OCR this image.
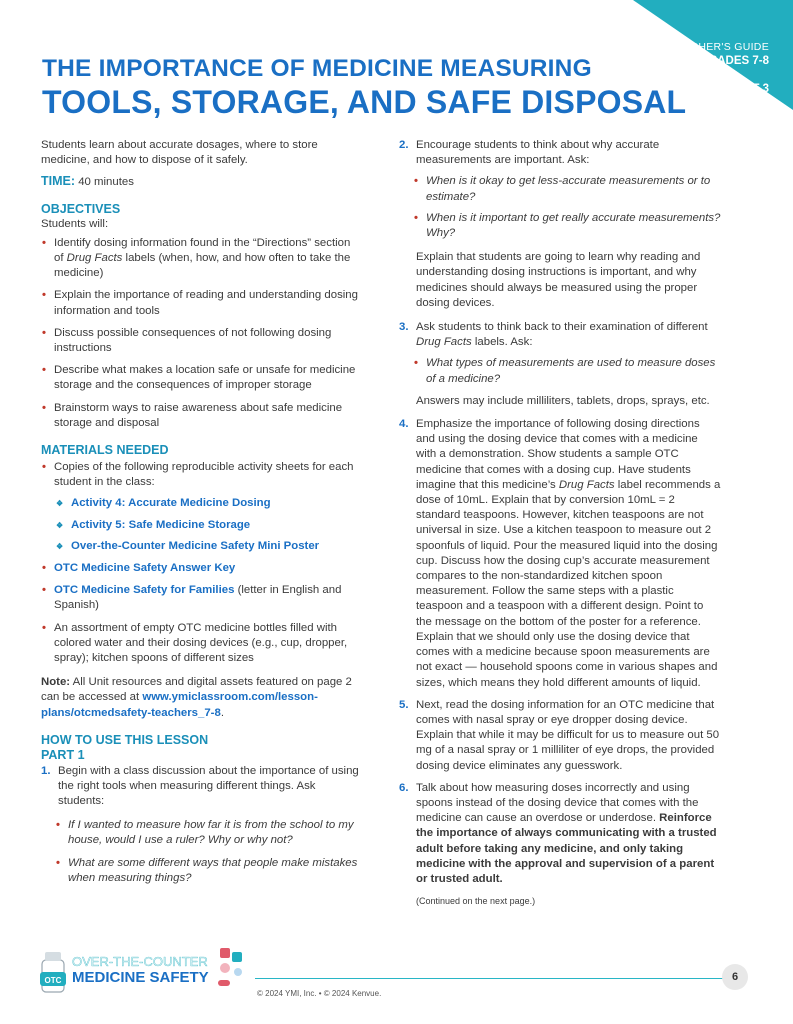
TEACHER'S GUIDE
GRADES 7-8
UNIT 3
THE IMPORTANCE OF MEDICINE MEASURING
TOOLS, STORAGE, AND SAFE DISPOSAL

Students learn about accurate dosages, where to store medicine, and how to dispose of it safely.

TIME: 40 minutes

OBJECTIVES

Students will:

• Identify dosing information found in the “Directions” section of Drug Facts labels (when, how, and how often to take the medicine)
• Explain the importance of reading and understanding dosing information and tools
• Discuss possible consequences of not following dosing instructions
• Describe what makes a location safe or unsafe for medicine storage and the consequences of improper storage
• Brainstorm ways to raise awareness about safe medicine storage and disposal

MATERIALS NEEDED

• Copies of the following reproducible activity sheets for each student in the class:
❖ Activity 4: Accurate Medicine Dosing
❖ Activity 5: Safe Medicine Storage
❖ Over-the-Counter Medicine Safety Mini Poster
• OTC Medicine Safety Answer Key
• OTC Medicine Safety for Families (letter in English and Spanish)
• An assortment of empty OTC medicine bottles filled with colored water and their dosing devices (e.g., cup, dropper, spray); kitchen spoons of different sizes

Note: All Unit resources and digital assets featured on page 2 can be accessed at www.ymiclassroom.com/lesson-plans/otcmedsafety-teachers_7-8.

HOW TO USE THIS LESSON

PART 1

1. Begin with a class discussion about the importance of using the right tools when measuring different things. Ask students:
• If I wanted to measure how far it is from the school to my house, would I use a ruler? Why or why not?
• What are some different ways that people make mistakes when measuring things?
2. Encourage students to think about why accurate measurements are important. Ask:
• When is it okay to get less-accurate measurements or to estimate?
• When is it important to get really accurate measurements? Why?

Explain that students are going to learn why reading and understanding dosing instructions is important, and why medicines should always be measured using the proper dosing devices.

3. Ask students to think back to their examination of different Drug Facts labels. Ask:
• What types of measurements are used to measure doses of a medicine?

Answers may include milliliters, tablets, drops, sprays, etc.

4. Emphasize the importance of following dosing directions and using the dosing device that comes with a medicine with a demonstration. Show students a sample OTC medicine that comes with a dosing cup. Have students imagine that this medicine’s Drug Facts label recommends a dose of 10mL. Explain that by conversion 10mL = 2 standard teaspoons. However, kitchen teaspoons are not universal in size. Use a kitchen teaspoon to measure out 2 spoonfuls of liquid. Pour the measured liquid into the dosing cup. Discuss how the dosing cup’s accurate measurement compares to the non-standardized kitchen spoon measurement. Follow the same steps with a plastic teaspoon and a teaspoon with a different design. Point to the message on the bottom of the poster for a reference. Explain that we should only use the dosing device that comes with a medicine because spoon measurements are not exact — household spoons come in various shapes and sizes, which means they hold different amounts of liquid.
5. Next, read the dosing information for an OTC medicine that comes with nasal spray or eye dropper dosing device. Explain that while it may be difficult for us to measure out 50 mg of a nasal spray or 1 milliliter of eye drops, the provided dosing device eliminates any guesswork.
6. Talk about how measuring doses incorrectly and using spoons instead of the dosing device that comes with the medicine can cause an overdose or underdose. Reinforce the importance of always communicating with a trusted adult before taking any medicine, and only taking medicine with the approval and supervision of a parent or trusted adult.

(Continued on the next page.)

OTC
OVER-THE-COUNTER
MEDICINE SAFETY
© 2024 YMI, Inc. • © 2024 Kenvue.
6
